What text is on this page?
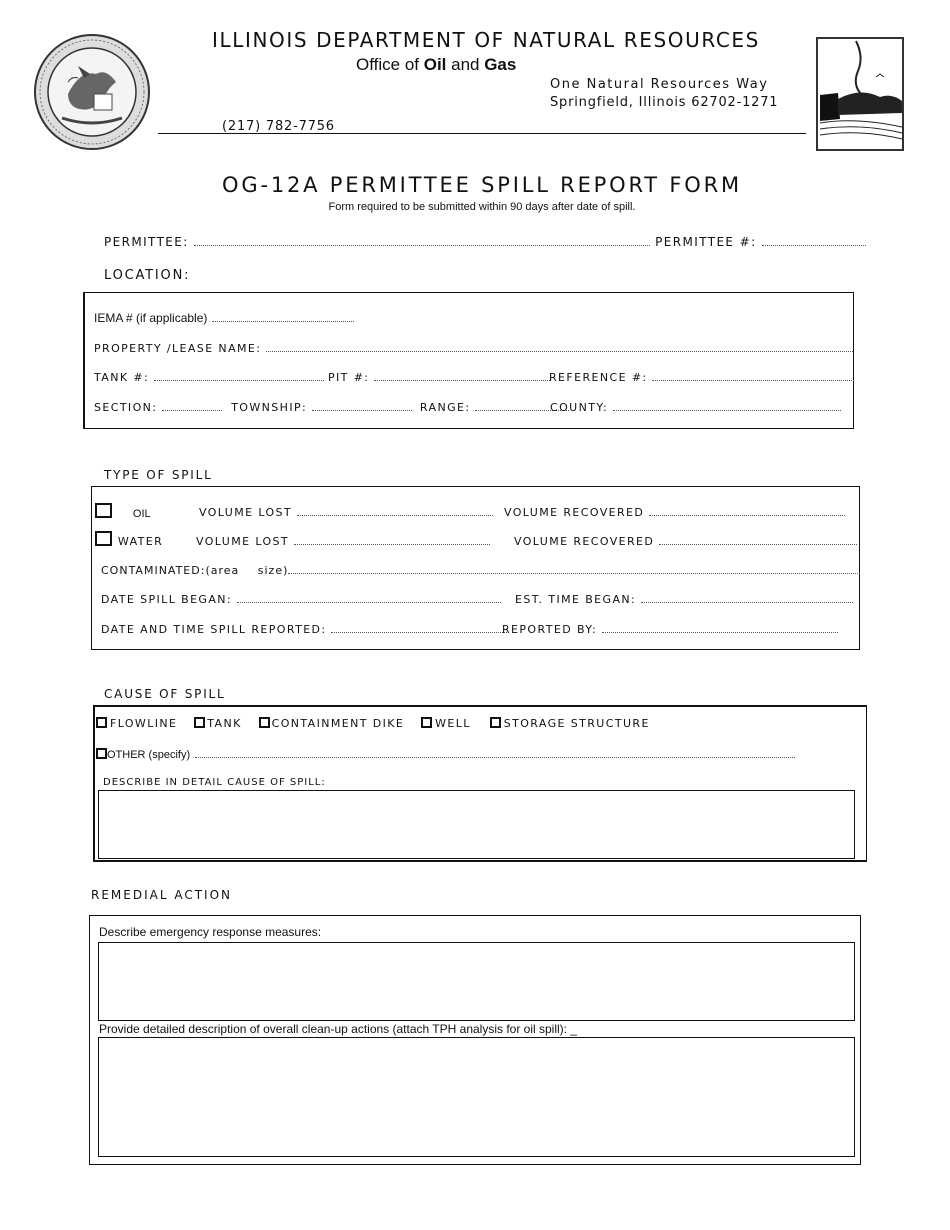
ILLINOIS DEPARTMENT OF NATURAL RESOURCES
Office of Oil and Gas
One Natural Resources Way
Springfield, Illinois 62702-1271
(217) 782-7756
OG-12A PERMITTEE SPILL REPORT FORM
Form required to be submitted within 90 days after date of spill.
PERMITTEE:	PERMITTEE #:
LOCATION:
IEMA # (if applicable)
PROPERTY /LEASE NAME:
TANK #:	PIT #:	REFERENCE #:
SECTION:	TOWNSHIP:	RANGE:	COUNTY:
TYPE OF SPILL
OIL	VOLUME LOST	VOLUME RECOVERED
WATER	VOLUME LOST	VOLUME RECOVERED
CONTAMINATED:(area size)
DATE SPILL BEGAN:	EST. TIME BEGAN:
DATE AND TIME SPILL REPORTED:	REPORTED BY:
CAUSE OF SPILL
FLOWLINE	TANK	CONTAINMENT DIKE	WELL	STORAGE STRUCTURE
OTHER (specify)
DESCRIBE IN DETAIL CAUSE OF SPILL:
REMEDIAL ACTION
Describe emergency response measures:
Provide detailed description of overall clean-up actions (attach TPH analysis for oil spill): _
